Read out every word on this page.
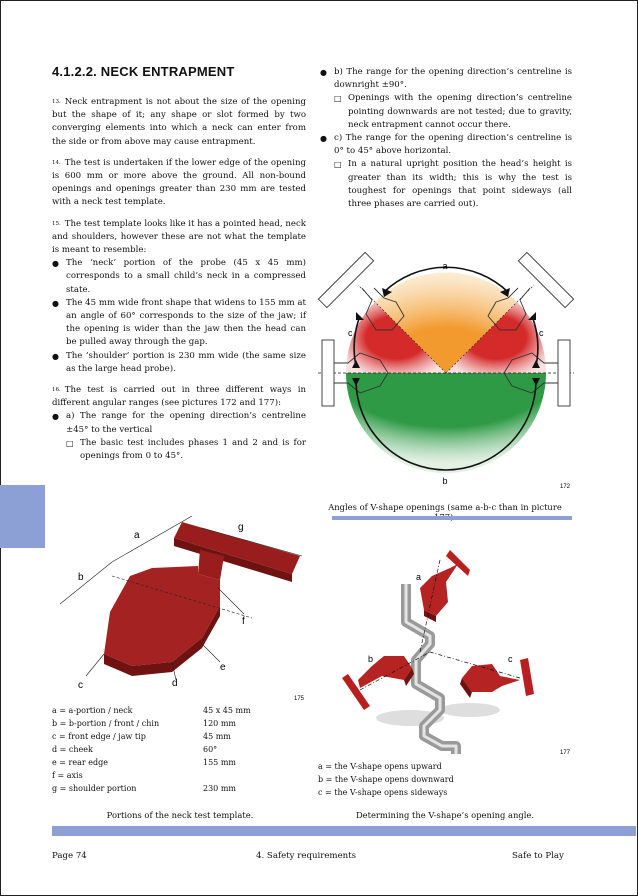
4.1.2.2. NECK ENTRAPMENT

$^{13.}$ Neck entrapment is not about the size of the opening but the shape of it; any shape or slot formed by two converging elements into which a neck can enter from the side or from above may cause entrapment.

$^{14.}$ The test is undertaken if the lower edge of the opening is 600 mm or more above the ground. All non-bound openings and openings greater than 230 mm are tested with a neck test template.

$^{15.}$ The test template looks like it has a pointed head, neck and shoulders, however these are not what the template is meant to resemble:

● The ‘neck’ portion of the probe (45 x 45 mm) corresponds to a small child’s neck in a compressed state.
● The 45 mm wide front shape that widens to 155 mm at an angle of 60° corresponds to the size of the jaw; if the opening is wider than the jaw then the head can be pulled away through the gap.
● The ‘shoulder’ portion is 230 mm wide (the same size as the large head probe).

$^{16.}$ The test is carried out in three different ways in different angular ranges (see pictures 172 and 177):

● a) The range for the opening direction’s centreline ±45° to the vertical
□ The basic test includes phases 1 and 2 and is for openings from 0 to 45°.
● b) The range for the opening direction’s centreline is downright ±90°.
□ Openings with the opening direction’s centreline pointing downwards are not tested; due to gravity, neck entrapment cannot occur there.
● c) The range for the opening direction’s centreline is 0° to 45° above horizontal.
□ In a natural upright position the head’s height is greater than its width; this is why the test is toughest for openings that point sideways (all three phases are carried out).
a
c	c
b
172
Angles of V-shape openings (same a-b-c than in picture
a
b
c	d
e
f
g
175
a = a-portion / neck	45 x 45 mm
b = b-portion / front / chin	120 mm
c = front edge / jaw tip	45 mm
d = cheek	60°
e = rear edge	155 mm
f = axis
g = shoulder portion	230 mm
a
b	c
177
a = the V-shape opens upward
b = the V-shape opens downward
c = the V-shape opens sideways
Portions of the neck test template.	Determining the V-shape’s opening angle.
Page 74	4. Safety requirements	Safe to Play
